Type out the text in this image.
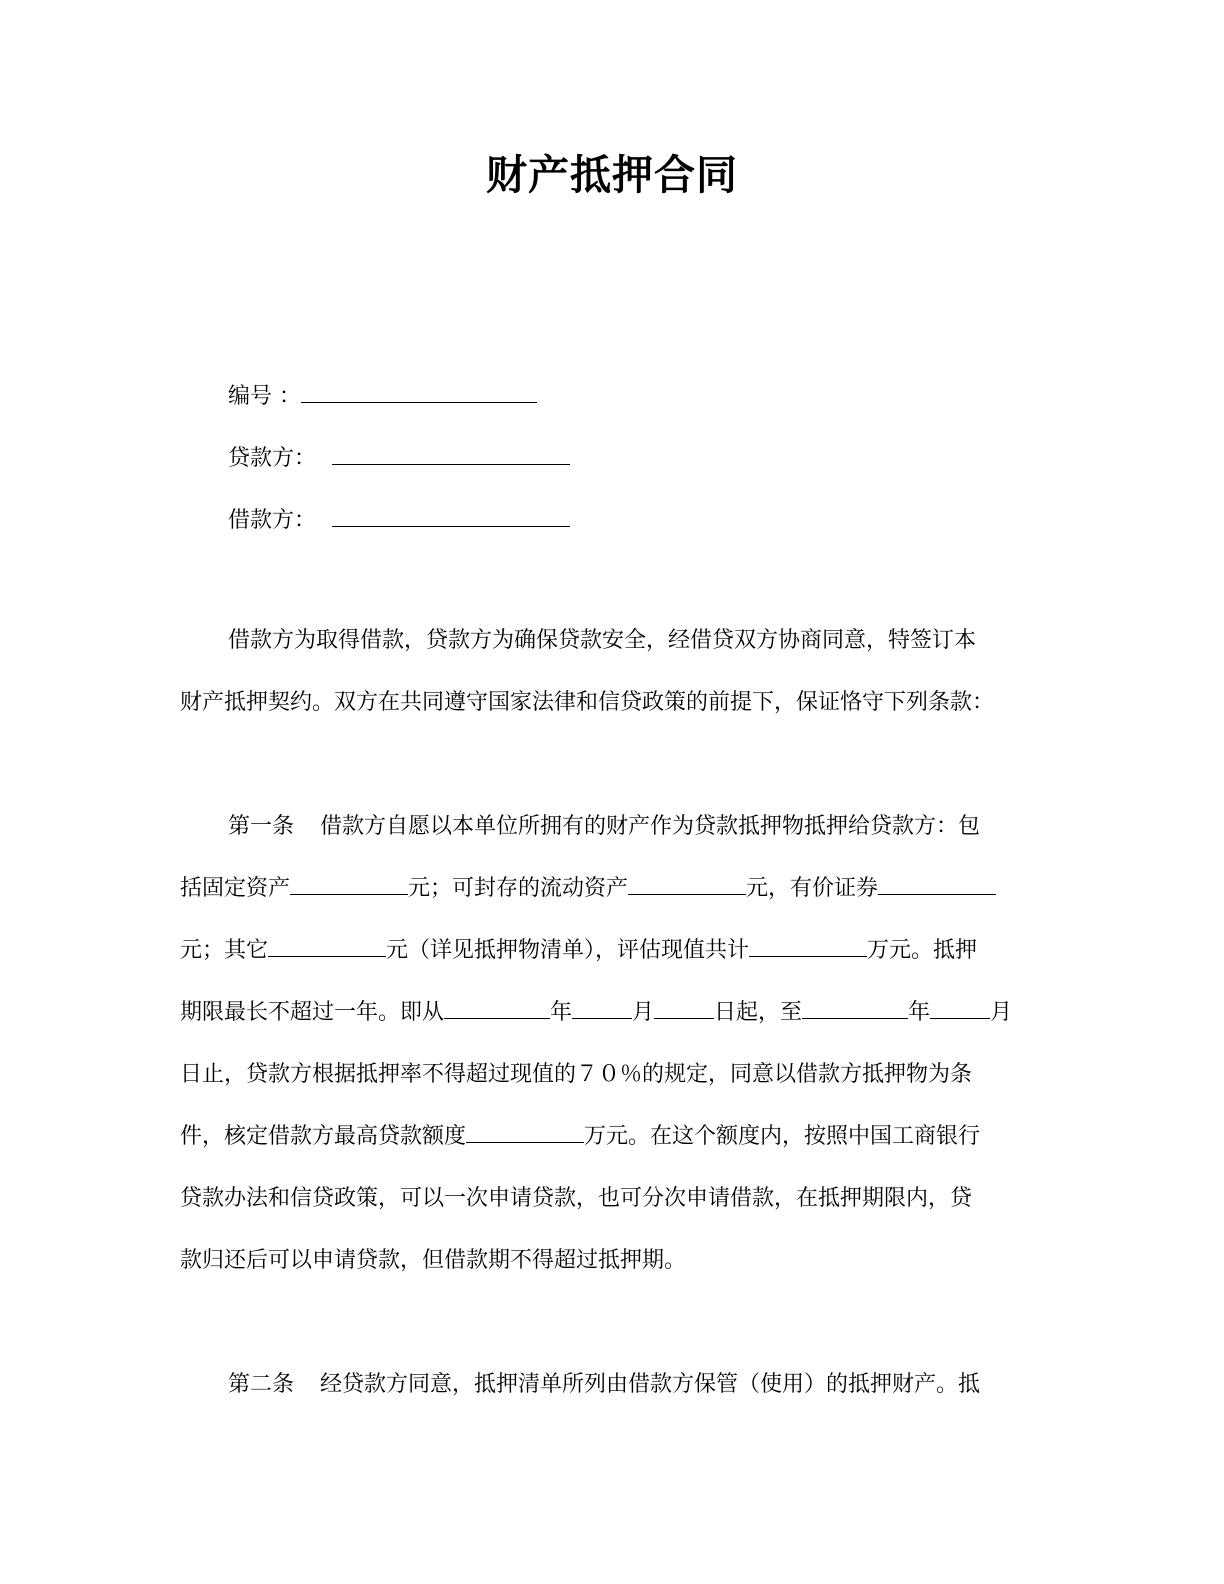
财产抵押合同
编号 ：
贷款方：
借款方：
借款方为取得借款，贷款方为确保贷款安全，经借贷双方协商同意，特签订本
财产抵押契约。双方在共同遵守国家法律和信贷政策的前提下，保证恪守下列条款：
第一条 借款方自愿以本单位所拥有的财产作为贷款抵押物抵押给贷款方：包
括固定资产	元；可封存的流动资产	元，有价证券
元；其它	元（详见抵押物清单），评估现值共计	万元。抵押
期限最长不超过一年。即从	年	月	日起，至	年	月
日止，贷款方根据抵押率不得超过现值的７０％的规定，同意以借款方抵押物为条
件，核定借款方最高贷款额度	万元。在这个额度内，按照中国工商银行
贷款办法和信贷政策，可以一次申请贷款，也可分次申请借款，在抵押期限内，贷
款归还后可以申请贷款，但借款期不得超过抵押期。
第二条 经贷款方同意，抵押清单所列由借款方保管（使用）的抵押财产。抵
